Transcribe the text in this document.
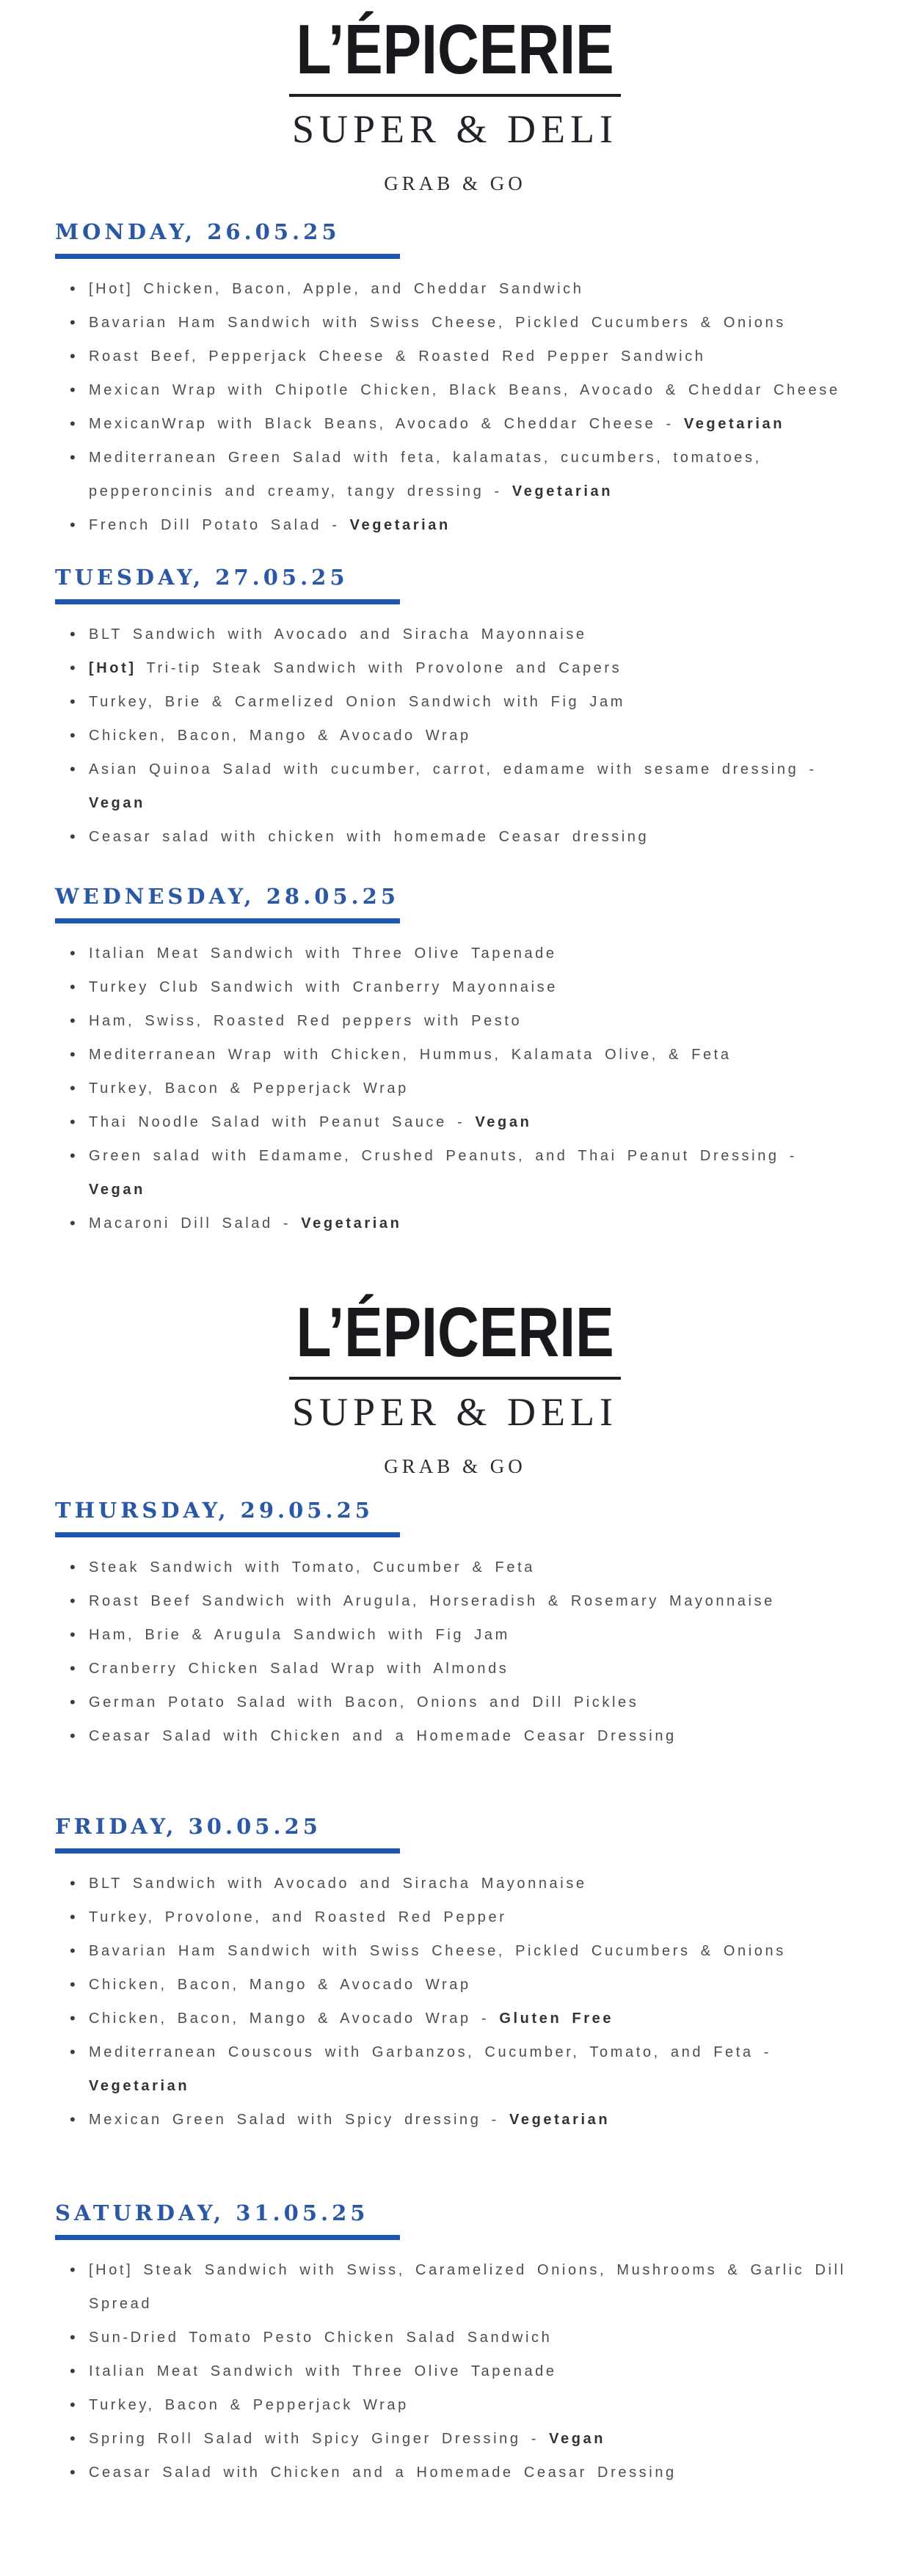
L’ÉPICERIE
SUPER & DELI
GRAB & GO
MONDAY, 26.05.25
• [Hot] Chicken, Bacon, Apple, and Cheddar Sandwich
• Bavarian Ham Sandwich with Swiss Cheese, Pickled Cucumbers & Onions
• Roast Beef, Pepperjack Cheese & Roasted Red Pepper Sandwich
• Mexican Wrap with Chipotle Chicken, Black Beans, Avocado & Cheddar Cheese
• MexicanWrap with Black Beans, Avocado & Cheddar Cheese - Vegetarian
• Mediterranean Green Salad with feta, kalamatas, cucumbers, tomatoes, pepperoncinis and creamy, tangy dressing - Vegetarian
• French Dill Potato Salad - Vegetarian
TUESDAY, 27.05.25
• BLT Sandwich with Avocado and Siracha Mayonnaise
• [Hot] Tri-tip Steak Sandwich with Provolone and Capers
• Turkey, Brie & Carmelized Onion Sandwich with Fig Jam
• Chicken, Bacon, Mango & Avocado Wrap
• Asian Quinoa Salad with cucumber, carrot, edamame with sesame dressing - Vegan
• Ceasar salad with chicken with homemade Ceasar dressing
WEDNESDAY, 28.05.25
• Italian Meat Sandwich with Three Olive Tapenade
• Turkey Club Sandwich with Cranberry Mayonnaise
• Ham, Swiss, Roasted Red peppers with Pesto
• Mediterranean Wrap with Chicken, Hummus, Kalamata Olive, & Feta
• Turkey, Bacon & Pepperjack Wrap
• Thai Noodle Salad with Peanut Sauce - Vegan
• Green salad with Edamame, Crushed Peanuts, and Thai Peanut Dressing - Vegan
• Macaroni Dill Salad - Vegetarian
L’ÉPICERIE
SUPER & DELI
GRAB & GO
THURSDAY, 29.05.25
• Steak Sandwich with Tomato, Cucumber & Feta
• Roast Beef Sandwich with Arugula, Horseradish & Rosemary Mayonnaise
• Ham, Brie & Arugula Sandwich with Fig Jam
• Cranberry Chicken Salad Wrap with Almonds
• German Potato Salad with Bacon, Onions and Dill Pickles
• Ceasar Salad with Chicken and a Homemade Ceasar Dressing
FRIDAY, 30.05.25
• BLT Sandwich with Avocado and Siracha Mayonnaise
• Turkey, Provolone, and Roasted Red Pepper
• Bavarian Ham Sandwich with Swiss Cheese, Pickled Cucumbers & Onions
• Chicken, Bacon, Mango & Avocado Wrap
• Chicken, Bacon, Mango & Avocado Wrap - Gluten Free
• Mediterranean Couscous with Garbanzos, Cucumber, Tomato, and Feta - Vegetarian
• Mexican Green Salad with Spicy dressing - Vegetarian
SATURDAY, 31.05.25
• [Hot] Steak Sandwich with Swiss, Caramelized Onions, Mushrooms & Garlic Dill Spread
• Sun-Dried Tomato Pesto Chicken Salad Sandwich
• Italian Meat Sandwich with Three Olive Tapenade
• Turkey, Bacon & Pepperjack Wrap
• Spring Roll Salad with Spicy Ginger Dressing - Vegan
• Ceasar Salad with Chicken and a Homemade Ceasar Dressing
